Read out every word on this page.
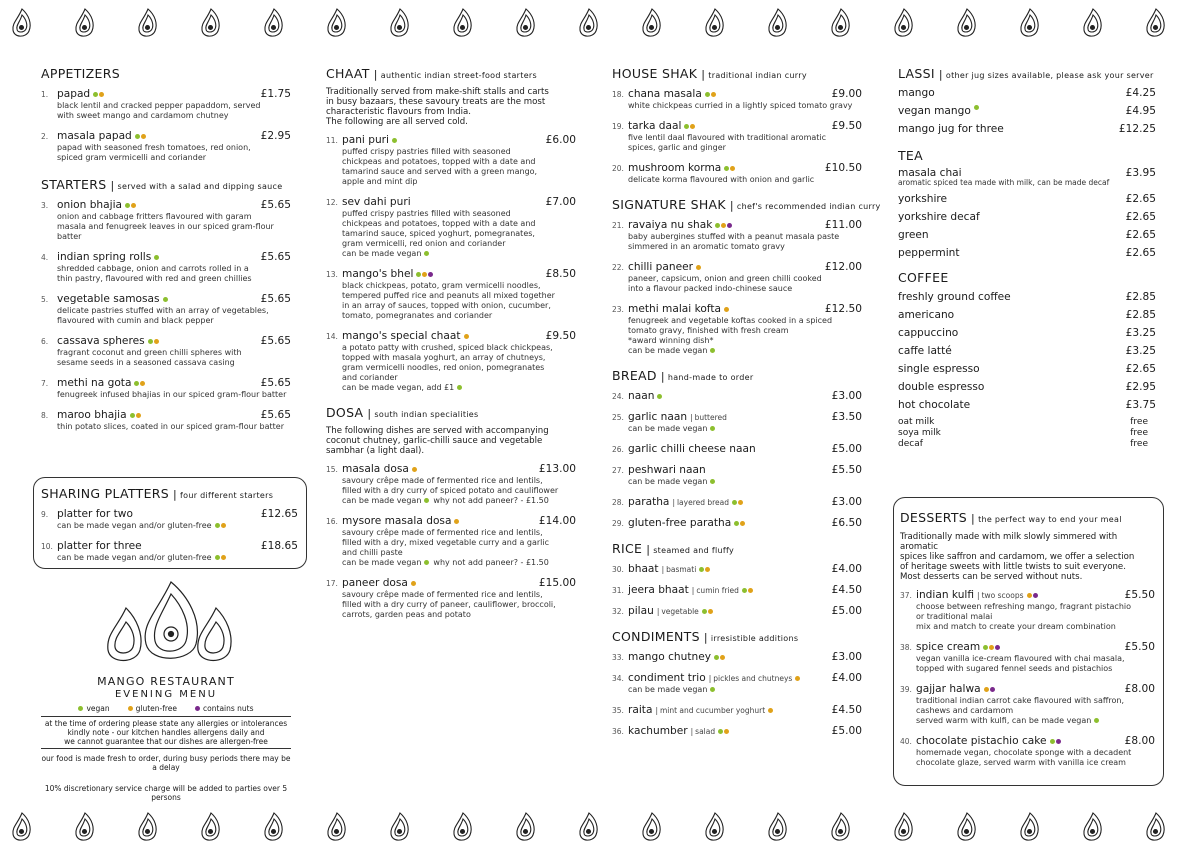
APPETIZERS
1. papad	£1.75
black lentil and cracked pepper papaddom, served
with sweet mango and cardamom chutney
2. masala papad	£2.95
papad with seasoned fresh tomatoes, red onion,
spiced gram vermicelli and coriander
STARTERS	| served with a salad and dipping sauce
3. onion bhajia	£5.65
onion and cabbage fritters flavoured with garam
masala and fenugreek leaves in our spiced gram-flour
batter
4. indian spring rolls	£5.65
shredded cabbage, onion and carrots rolled in a
thin pastry, flavoured with red and green chillies
5. vegetable samosas	£5.65
delicate pastries stuffed with an array of vegetables,
flavoured with cumin and black pepper
6. cassava spheres	£5.65
fragrant coconut and green chilli spheres with
sesame seeds in a seasoned cassava casing
7. methi na gota	£5.65
fenugreek infused bhajias in our spiced gram-flour batter
8. maroo bhajia	£5.65
thin potato slices, coated in our spiced gram-flour batter
SHARING PLATTERS	| four different starters
9. platter for two	£12.65
can be made vegan and/or gluten-free
10. platter for three	£18.65
can be made vegan and/or gluten-free
MANGO RESTAURANT
EVENING MENU
vegan	gluten-free	contains nuts
at the time of ordering please state any allergies or intolerances
kindly note - our kitchen handles allergens daily and
we cannot guarantee that our dishes are allergen-free
our food is made fresh to order, during busy periods there may be a delay
10% discretionary service charge will be added to parties over 5 persons
CHAAT	| authentic indian street-food starters
Traditionally served from make-shift stalls and carts
in busy bazaars, these savoury treats are the most
characteristic flavours from India.
The following are all served cold.
11. pani puri	£6.00
puffed crispy pastries filled with seasoned
chickpeas and potatoes, topped with a date and
tamarind sauce and served with a green mango,
apple and mint dip
12. sev dahi puri	£7.00
puffed crispy pastries filled with seasoned
chickpeas and potatoes, topped with a date and
tamarind sauce, spiced yoghurt, pomegranates,
gram vermicelli, red onion and coriander
can be made vegan
13. mango's bhel	£8.50
black chickpeas, potato, gram vermicelli noodles,
tempered puffed rice and peanuts all mixed together
in an array of sauces, topped with onion, cucumber,
tomato, pomegranates and coriander
14. mango's special chaat	£9.50
a potato patty with crushed, spiced black chickpeas,
topped with masala yoghurt, an array of chutneys,
gram vermicelli noodles, red onion, pomegranates
and coriander
can be made vegan, add £1
DOSA	| south indian specialities
The following dishes are served with accompanying
coconut chutney, garlic-chilli sauce and vegetable
sambhar (a light daal).
15. masala dosa	£13.00
savoury crêpe made of fermented rice and lentils,
filled with a dry curry of spiced potato and cauliflower
can be made vegan why not add paneer? - £1.50
16. mysore masala dosa	£14.00
savoury crêpe made of fermented rice and lentils,
filled with a dry, mixed vegetable curry and a garlic
and chilli paste
can be made vegan why not add paneer? - £1.50
17. paneer dosa	£15.00
savoury crêpe made of fermented rice and lentils,
filled with a dry curry of paneer, cauliflower, broccoli,
carrots, garden peas and potato
HOUSE SHAK	| traditional indian curry
18. chana masala	£9.00
white chickpeas curried in a lightly spiced tomato gravy
19. tarka daal	£9.50
five lentil daal flavoured with traditional aromatic
spices, garlic and ginger
20. mushroom korma	£10.50
delicate korma flavoured with onion and garlic
SIGNATURE SHAK	| chef's recommended indian curry
21. ravaiya nu shak	£11.00
baby aubergines stuffed with a peanut masala paste
simmered in an aromatic tomato gravy
22. chilli paneer	£12.00
paneer, capsicum, onion and green chilli cooked
into a flavour packed indo-chinese sauce
23. methi malai kofta	£12.50
fenugreek and vegetable koftas cooked in a spiced
tomato gravy, finished with fresh cream
*award winning dish*
can be made vegan
BREAD	| hand-made to order
24. naan	£3.00
25. garlic naan	| buttered	£3.50
can be made vegan
26. garlic chilli cheese naan	£5.00
27. peshwari naan	£5.50
can be made vegan
28. paratha	| layered bread	£3.00
29. gluten-free paratha	£6.50
RICE	| steamed and fluffy
30. bhaat	| basmati	£4.00
31. jeera bhaat	| cumin fried	£4.50
32. pilau	| vegetable	£5.00
CONDIMENTS	| irresistible additions
33. mango chutney	£3.00
34. condiment trio	| pickles and chutneys	£4.00
can be made vegan
35. raita	| mint and cucumber yoghurt	£4.50
36. kachumber	| salad	£5.00
LASSI	| other jug sizes available, please ask your server
mango	£4.25
vegan mango	£4.95
mango jug for three	£12.25
TEA
masala chai	£3.95
aromatic spiced tea made with milk, can be made decaf
yorkshire	£2.65
yorkshire decaf	£2.65
green	£2.65
peppermint	£2.65
COFFEE
freshly ground coffee	£2.85
americano	£2.85
cappuccino	£3.25
caffe latté	£3.25
single espresso	£2.65
double espresso	£2.95
hot chocolate	£3.75
oat milk	free
soya milk	free
decaf	free
DESSERTS	| the perfect way to end your meal
Traditionally made with milk slowly simmered with aromatic
spices like saffron and cardamom, we offer a selection
of heritage sweets with little twists to suit everyone.
Most desserts can be served without nuts.
37. indian kulfi	| two scoops	£5.50
choose between refreshing mango, fragrant pistachio
or traditional malai
mix and match to create your dream combination
38. spice cream	£5.50
vegan vanilla ice-cream flavoured with chai masala,
topped with sugared fennel seeds and pistachios
39. gajjar halwa	£8.00
traditional indian carrot cake flavoured with saffron,
cashews and cardamom
served warm with kulfi, can be made vegan
40. chocolate pistachio cake	£8.00
homemade vegan, chocolate sponge with a decadent
chocolate glaze, served warm with vanilla ice cream
